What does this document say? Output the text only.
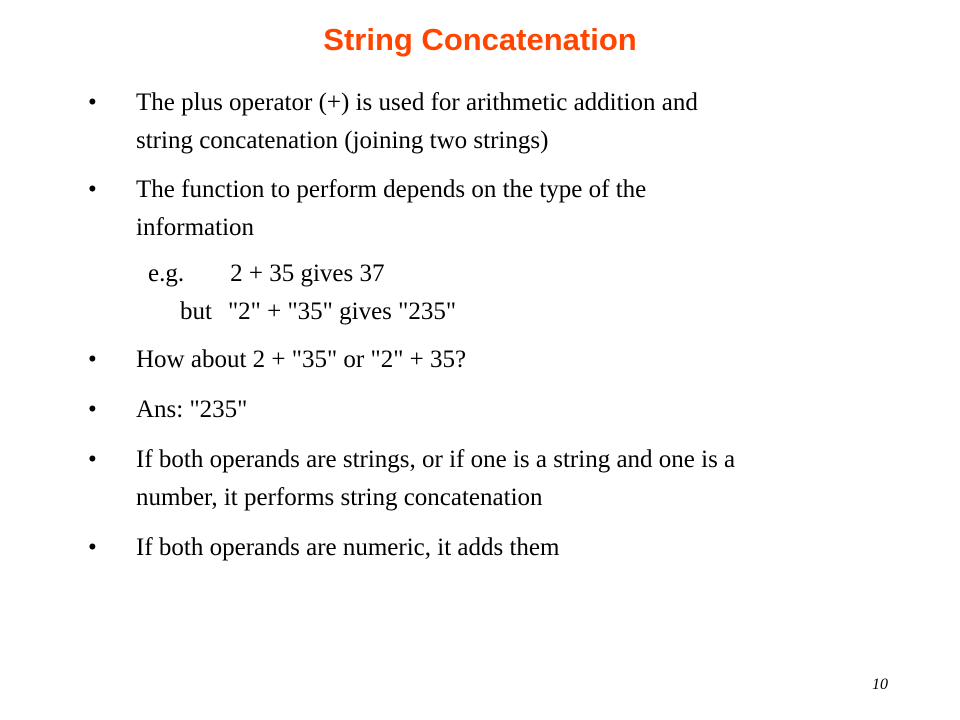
String Concatenation
• The plus operator (+) is used for arithmetic addition and
string concatenation (joining two strings)
• The function to perform depends on the type of the
information
e.g. 2 + 35 gives 37
but "2" + "35" gives "235"
• How about 2 + "35" or "2" + 35?
• Ans: "235"
• If both operands are strings, or if one is a string and one is a
number, it performs string concatenation
• If both operands are numeric, it adds them
10
